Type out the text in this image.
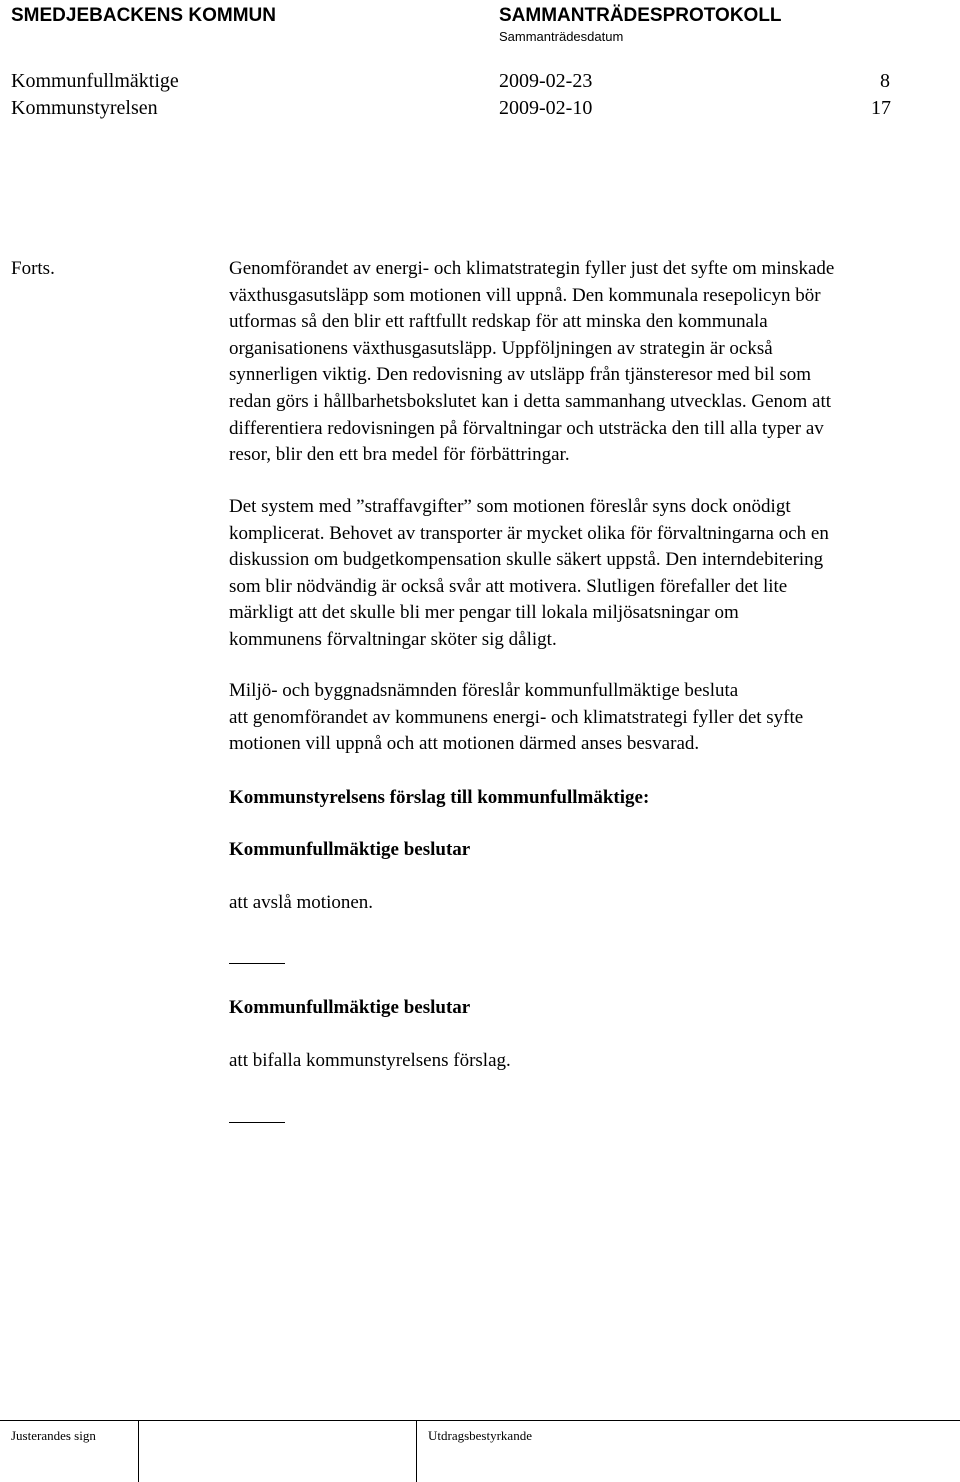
SMEDJEBACKENS KOMMUN	SAMMANTRÄDESPROTOKOLL
Sammanträdesdatum
Kommunfullmäktige	2009-02-23	8
Kommunstyrelsen	2009-02-10	17
Forts.	Genomförandet av energi- och klimatstrategin fyller just det syfte om minskade
växthusgasutsläpp som motionen vill uppnå. Den kommunala resepolicyn bör
utformas så den blir ett raftfullt redskap för att minska den kommunala
organisationens växthusgasutsläpp. Uppföljningen av strategin är också
synnerligen viktig. Den redovisning av utsläpp från tjänsteresor med bil som
redan görs i hållbarhetsbokslutet kan i detta sammanhang utvecklas. Genom att
differentiera redovisningen på förvaltningar och utsträcka den till alla typer av
resor, blir den ett bra medel för förbättringar.
Det system med ”straffavgifter” som motionen föreslår syns dock onödigt
komplicerat. Behovet av transporter är mycket olika för förvaltningarna och en
diskussion om budgetkompensation skulle säkert uppstå. Den interndebitering
som blir nödvändig är också svår att motivera. Slutligen förefaller det lite
märkligt att det skulle bli mer pengar till lokala miljösatsningar om
kommunens förvaltningar sköter sig dåligt.
Miljö- och byggnadsnämnden föreslår kommunfullmäktige besluta
att genomförandet av kommunens energi- och klimatstrategi fyller det syfte
motionen vill uppnå och att motionen därmed anses besvarad.
Kommunstyrelsens förslag till kommunfullmäktige:
Kommunfullmäktige beslutar
att avslå motionen.
Kommunfullmäktige beslutar
att bifalla kommunstyrelsens förslag.
Justerandes sign	Utdragsbestyrkande
